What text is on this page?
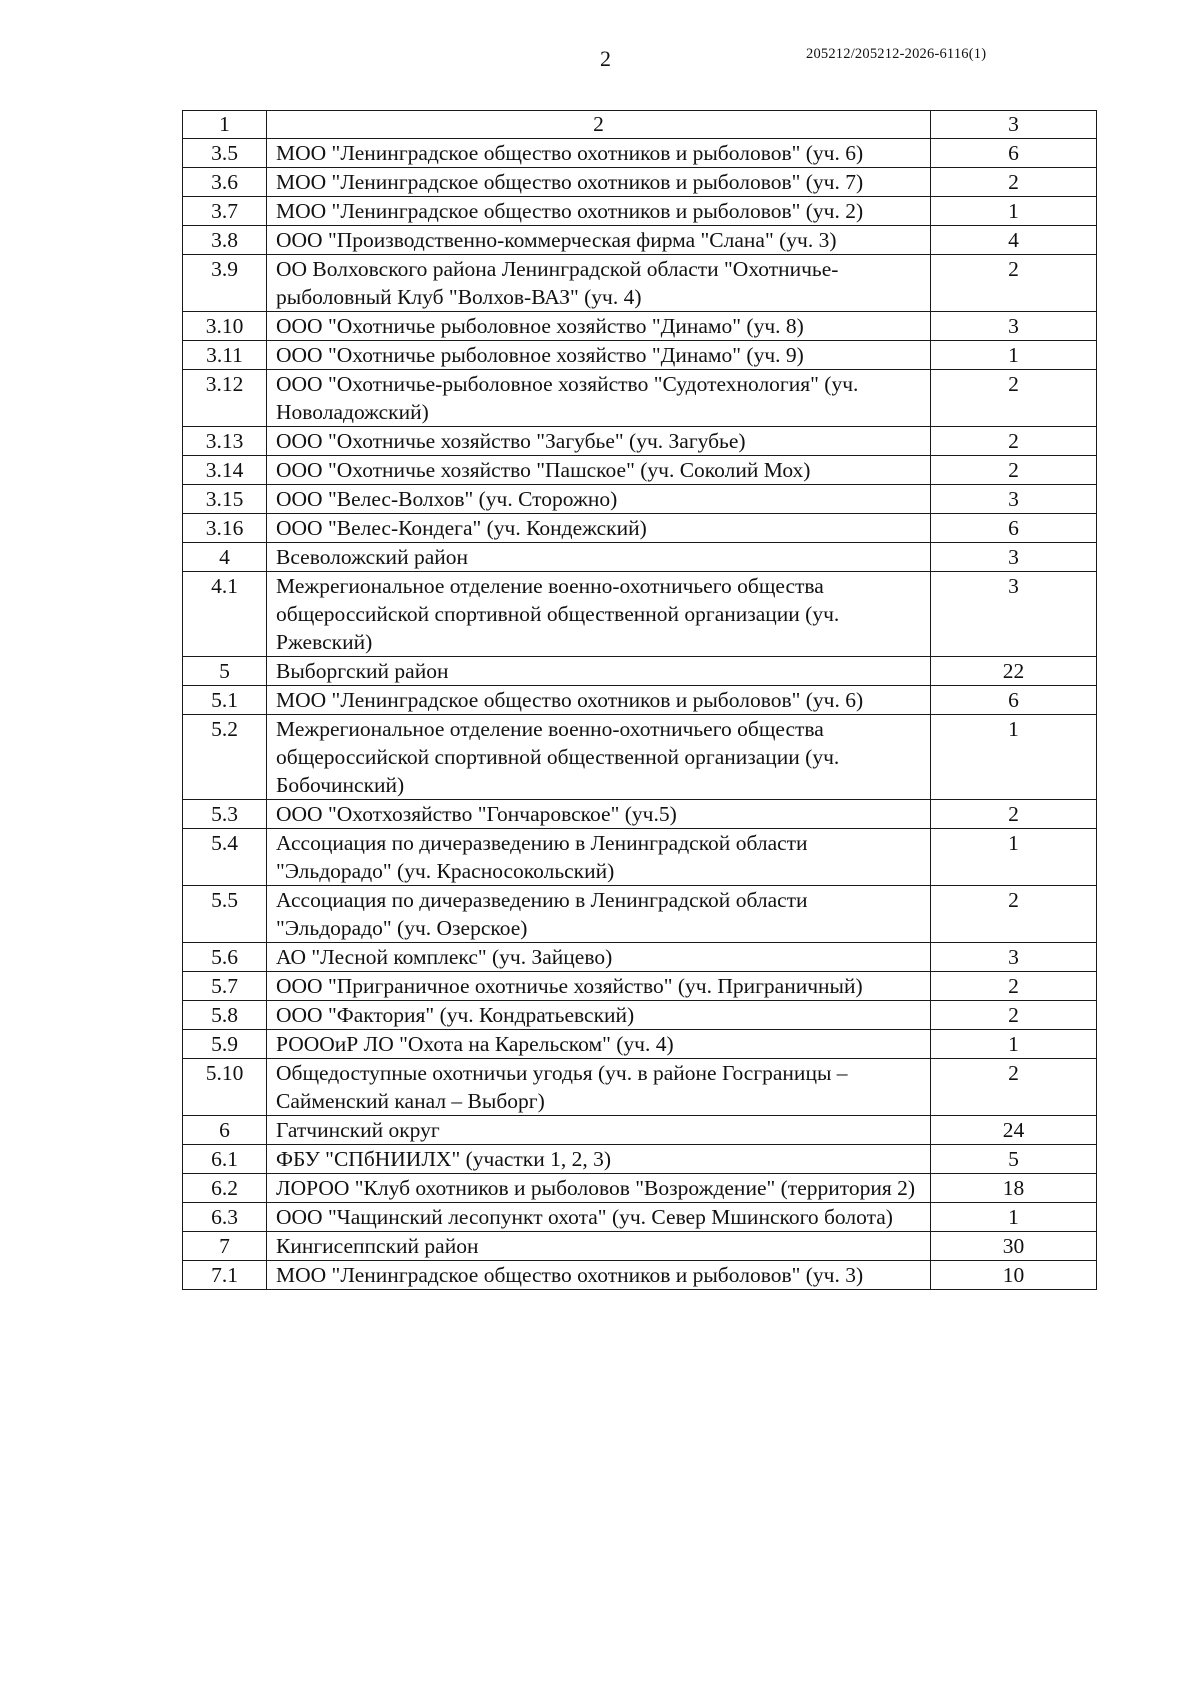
2	205212/205212-2026-6116(1)
1	2	3
3.5	МОО "Ленинградское общество охотников и рыболовов" (уч. 6)	6
3.6	МОО "Ленинградское общество охотников и рыболовов" (уч. 7)	2
3.7	МОО "Ленинградское общество охотников и рыболовов" (уч. 2)	1
3.8	ООО "Производственно-коммерческая фирма "Слана" (уч. 3)	4
3.9	ОО Волховского района Ленинградской области "Охотничье-рыболовный Клуб "Волхов-ВАЗ" (уч. 4)	2
3.10	ООО "Охотничье рыболовное хозяйство "Динамо" (уч. 8)	3
3.11	ООО "Охотничье рыболовное хозяйство "Динамо" (уч. 9)	1
3.12	ООО "Охотничье-рыболовное хозяйство "Судотехнология" (уч. Новоладожский)	2
3.13	ООО "Охотничье хозяйство "Загубье" (уч. Загубье)	2
3.14	ООО "Охотничье хозяйство "Пашское" (уч. Соколий Мох)	2
3.15	ООО "Велес-Волхов" (уч. Сторожно)	3
3.16	ООО "Велес-Кондега" (уч. Кондежский)	6
4	Всеволожский район	3
4.1	Межрегиональное отделение военно-охотничьего общества общероссийской спортивной общественной организации (уч. Ржевский)	3
5	Выборгский район	22
5.1	МОО "Ленинградское общество охотников и рыболовов" (уч. 6)	6
5.2	Межрегиональное отделение военно-охотничьего общества общероссийской спортивной общественной организации (уч. Бобочинский)	1
5.3	ООО "Охотхозяйство "Гончаровское" (уч.5)	2
5.4	Ассоциация по дичеразведению в Ленинградской области "Эльдорадо" (уч. Красносокольский)	1
5.5	Ассоциация по дичеразведению в Ленинградской области "Эльдорадо" (уч. Озерское)	2
5.6	АО "Лесной комплекс" (уч. Зайцево)	3
5.7	ООО "Приграничное охотничье хозяйство" (уч. Приграничный)	2
5.8	ООО "Фактория" (уч. Кондратьевский)	2
5.9	РОООиР ЛО "Охота на Карельском" (уч. 4)	1
5.10	Общедоступные охотничьи угодья (уч. в районе Госграницы – Сайменский канал – Выборг)	2
6	Гатчинский округ	24
6.1	ФБУ "СПбНИИЛХ" (участки 1, 2, 3)	5
6.2	ЛОРОО "Клуб охотников и рыболовов "Возрождение" (территория 2)	18
6.3	ООО "Чащинский лесопункт охота" (уч. Север Мшинского болота)	1
7	Кингисеппский район	30
7.1	МОО "Ленинградское общество охотников и рыболовов" (уч. 3)	10
